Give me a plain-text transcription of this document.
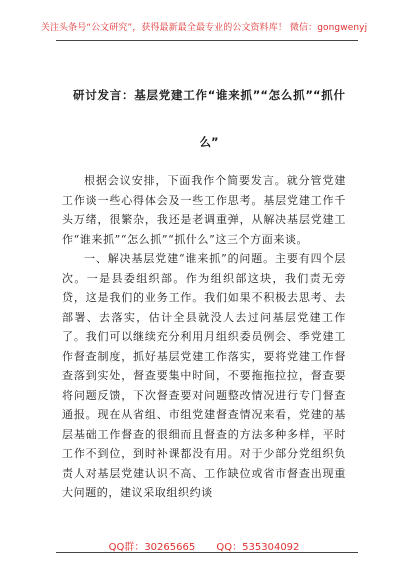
关注头条号“公文研究”，获得最新最全最专业的公文资料库！ 微信：gongwenyj
研讨发言：基层党建工作“谁来抓”“怎么抓”“抓什么”

根据会议安排，下面我作个简要发言。就分管党建工作谈一些心得体会及一些工作思考。基层党建工作千头万绪，很繁杂，我还是老调重弹，从解决基层党建工作“谁来抓”“怎么抓”“抓什么”这三个方面来谈。

一、解决基层党建“谁来抓”的问题。主要有四个层次。一是县委组织部。作为组织部这块，我们责无旁贷，这是我们的业务工作。我们如果不积极去思考、去部署、去落实，估计全县就没人去过问基层党建工作了。我们可以继续充分利用月组织委员例会、季党建工作督查制度，抓好基层党建工作落实，要将党建工作督查落到实处，督查要集中时间，不要拖拖拉拉，督查要将问题反馈，下次督查要对问题整改情况进行专门督查通报。现在从省组、市组党建督查情况来看，党建的基层基础工作督查的很细而且督查的方法多种多样，平时工作不到位，到时补课都没有用。对于少部分党组织负责人对基层党建认识不高、工作缺位或省市督查出现重大问题的，建议采取组织约谈

QQ群：30265665 QQ：535304092
